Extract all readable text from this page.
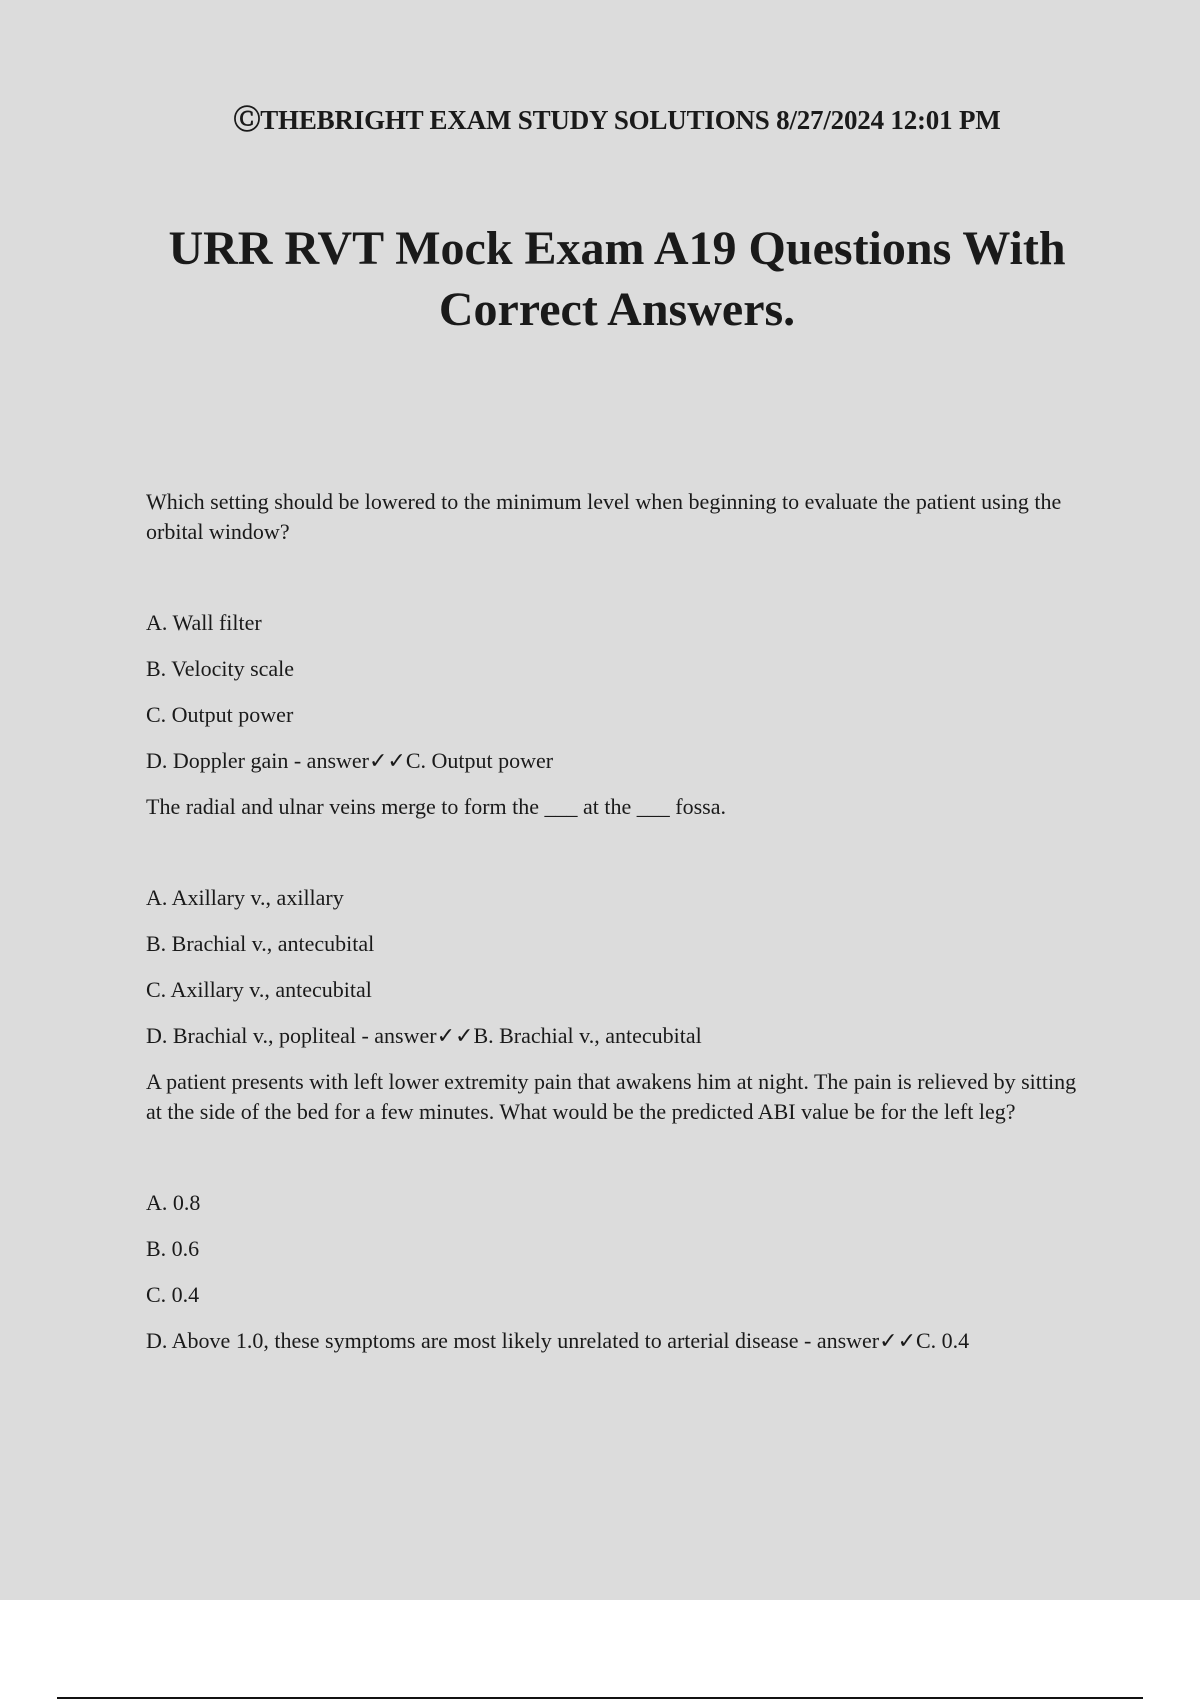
ⒸTHEBRIGHT EXAM STUDY SOLUTIONS 8/27/2024 12:01 PM
URR RVT Mock Exam A19 Questions With
Correct Answers.

Which setting should be lowered to the minimum level when beginning to evaluate the patient using the orbital window?

A. Wall filter

B. Velocity scale

C. Output power

D. Doppler gain - answer✓✓C. Output power

The radial and ulnar veins merge to form the ___ at the ___ fossa.

A. Axillary v., axillary

B. Brachial v., antecubital

C. Axillary v., antecubital

D. Brachial v., popliteal - answer✓✓B. Brachial v., antecubital

A patient presents with left lower extremity pain that awakens him at night. The pain is relieved by sitting at the side of the bed for a few minutes. What would be the predicted ABI value be for the left leg?

A. 0.8

B. 0.6

C. 0.4

D. Above 1.0, these symptoms are most likely unrelated to arterial disease - answer✓✓C. 0.4
